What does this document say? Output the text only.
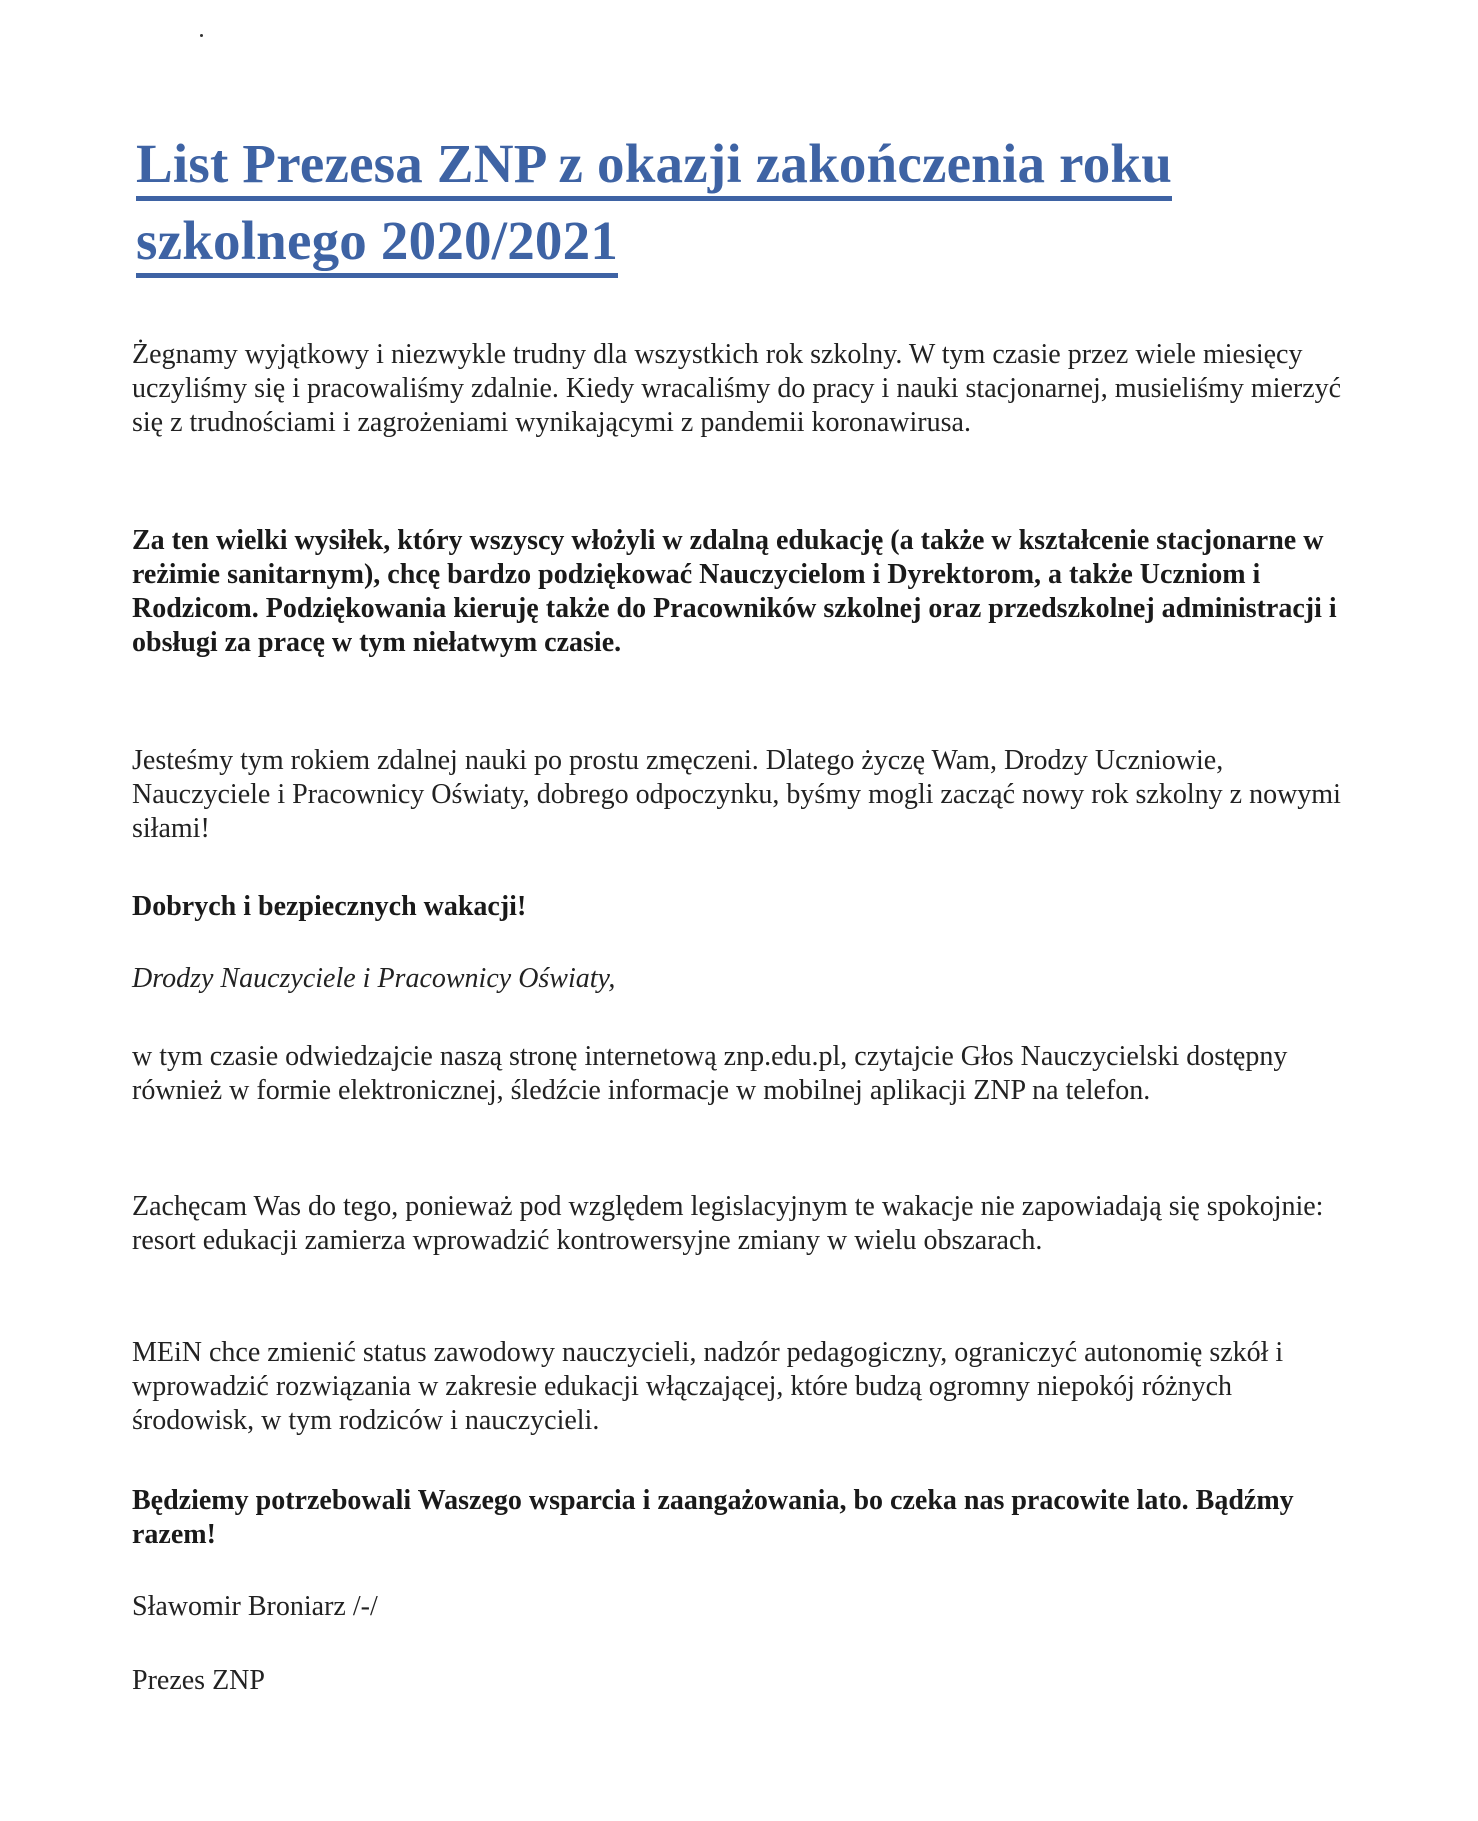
List Prezesa ZNP z okazji zakończenia roku
szkolnego 2020/2021

Żegnamy wyjątkowy i niezwykle trudny dla wszystkich rok szkolny. W tym czasie przez wiele miesięcy uczyliśmy się i pracowaliśmy zdalnie. Kiedy wracaliśmy do pracy i nauki stacjonarnej, musieliśmy mierzyć się z trudnościami i zagrożeniami wynikającymi z pandemii koronawirusa.

Za ten wielki wysiłek, który wszyscy włożyli w zdalną edukację (a także w kształcenie stacjonarne w reżimie sanitarnym), chcę bardzo podziękować Nauczycielom i Dyrektorom, a także Uczniom i Rodzicom. Podziękowania kieruję także do Pracowników szkolnej oraz przedszkolnej administracji i obsługi za pracę w tym niełatwym czasie.

Jesteśmy tym rokiem zdalnej nauki po prostu zmęczeni. Dlatego życzę Wam, Drodzy Uczniowie, Nauczyciele i Pracownicy Oświaty, dobrego odpoczynku, byśmy mogli zacząć nowy rok szkolny z nowymi siłami!

Dobrych i bezpiecznych wakacji!

Drodzy Nauczyciele i Pracownicy Oświaty,

w tym czasie odwiedzajcie naszą stronę internetową znp.edu.pl, czytajcie Głos Nauczycielski dostępny również w formie elektronicznej, śledźcie informacje w mobilnej aplikacji ZNP na telefon.

Zachęcam Was do tego, ponieważ pod względem legislacyjnym te wakacje nie zapowiadają się spokojnie: resort edukacji zamierza wprowadzić kontrowersyjne zmiany w wielu obszarach.

MEiN chce zmienić status zawodowy nauczycieli, nadzór pedagogiczny, ograniczyć autonomię szkół i wprowadzić rozwiązania w zakresie edukacji włączającej, które budzą ogromny niepokój różnych środowisk, w tym rodziców i nauczycieli.

Będziemy potrzebowali Waszego wsparcia i zaangażowania, bo czeka nas pracowite lato. Bądźmy razem!

Sławomir Broniarz /-/

Prezes ZNP
